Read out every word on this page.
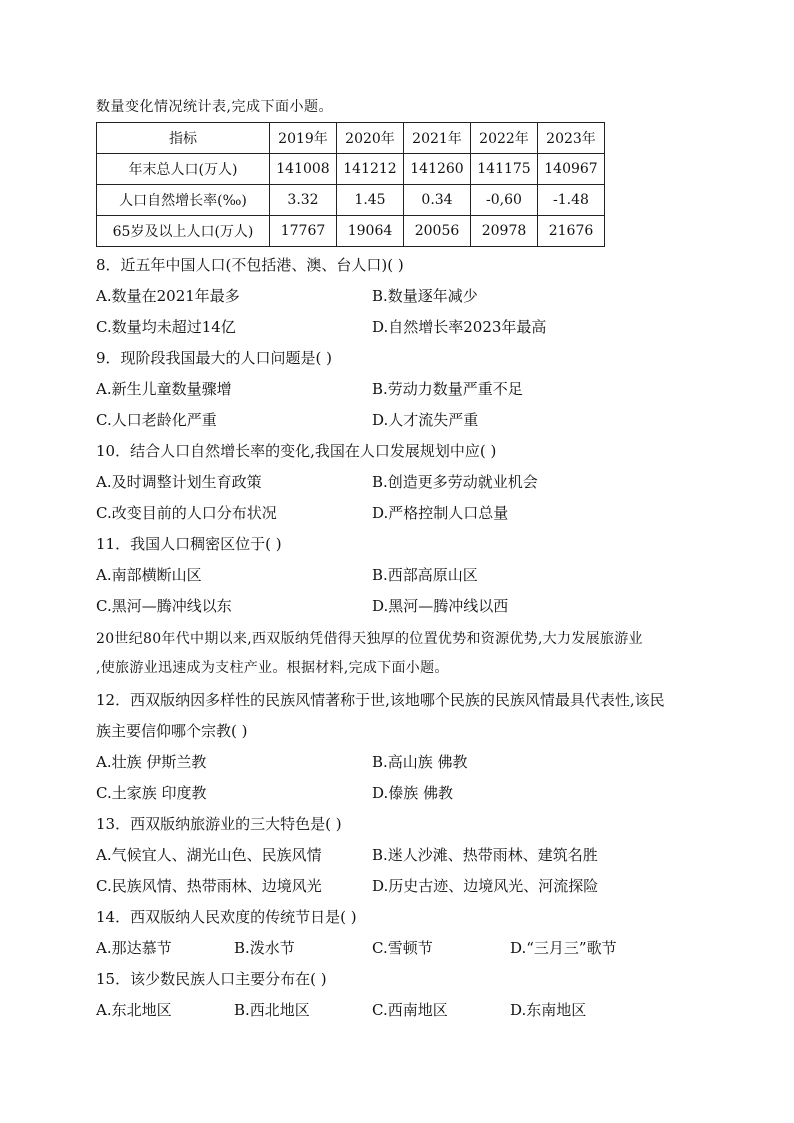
数量变化情况统计表,完成下面小题。
指标	2019年	2020年	2021年	2022年	2023年
年末总人口(万人)	141008	141212	141260	141175	140967
人口自然增长率(‰)	3.32	1.45	0.34	-0,60	-1.48
65岁及以上人口(万人)	17767	19064	20056	20978	21676
8．近五年中国人口(不包括港、澳、台人口)( )
A.数量在2021年最多	B.数量逐年减少
C.数量均未超过14亿	D.自然增长率2023年最高
9．现阶段我国最大的人口问题是( )
A.新生儿童数量骤增	B.劳动力数量严重不足
C.人口老龄化严重	D.人才流失严重
10．结合人口自然增长率的变化,我国在人口发展规划中应( )
A.及时调整计划生育政策	B.创造更多劳动就业机会
C.改变目前的人口分布状况	D.严格控制人口总量
11．我国人口稠密区位于( )
A.南部横断山区	B.西部高原山区
C.黑河—腾冲线以东	D.黑河—腾冲线以西
20世纪80年代中期以来,西双版纳凭借得天独厚的位置优势和资源优势,大力发展旅游业
,使旅游业迅速成为支柱产业。根据材料,完成下面小题。
12．西双版纳因多样性的民族风情著称于世,该地哪个民族的民族风情最具代表性,该民
族主要信仰哪个宗教( )
A.壮族 伊斯兰教	B.高山族 佛教
C.土家族 印度教	D.傣族 佛教
13．西双版纳旅游业的三大特色是( )
A.气候宜人、湖光山色、民族风情	B.迷人沙滩、热带雨林、建筑名胜
C.民族风情、热带雨林、边境风光	D.历史古迹、边境风光、河流探险
14．西双版纳人民欢度的传统节日是( )
A.那达慕节	B.泼水节	C.雪顿节	D.“三月三”歌节
15．该少数民族人口主要分布在( )
A.东北地区	B.西北地区	C.西南地区	D.东南地区
